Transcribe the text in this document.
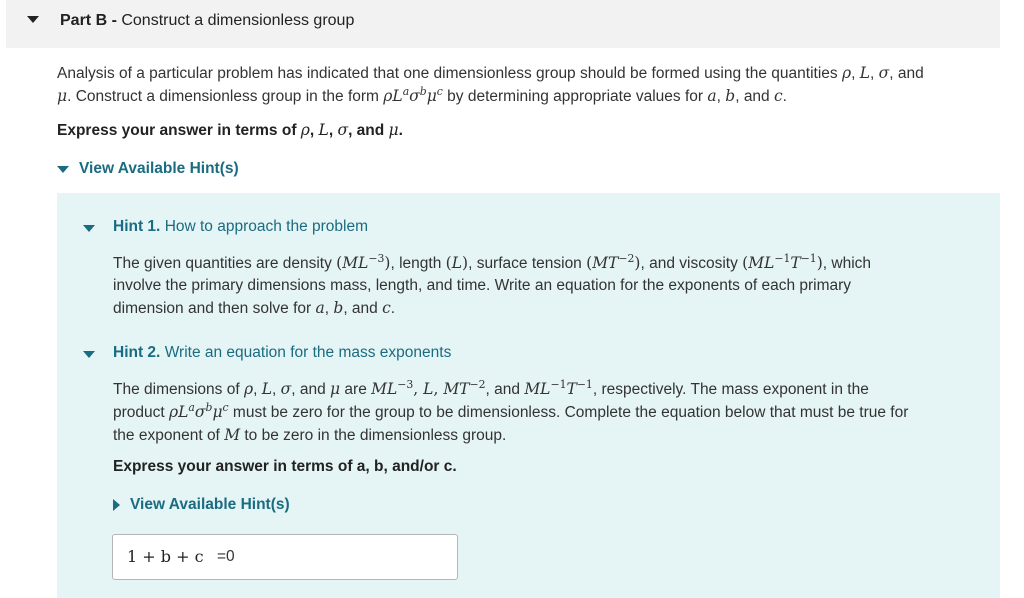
Part B - Construct a dimensionless group
Analysis of a particular problem has indicated that one dimensionless group should be formed using the quantities ρ, L, σ, and
μ. Construct a dimensionless group in the form $\rho L^a\sigma^b\mu^c$ by determining appropriate values for a, b, and c.
Express your answer in terms of ρ, L, σ, and μ.
View Available Hint(s)
Hint 1. How to approach the problem
The given quantities are density $(ML^{-3})$, length (L), surface tension $(MT^{-2})$, and viscosity $(ML^{-1}T^{-1})$, which
involve the primary dimensions mass, length, and time. Write an equation for the exponents of each primary
dimension and then solve for a, b, and c.
Hint 2. Write an equation for the mass exponents
The dimensions of ρ, L, σ, and μ are $ML^{-3}$, L, $MT^{-2}$, and $ML^{-1}T^{-1}$, respectively. The mass exponent in the
product $\rho L^a\sigma^b\mu^c$ must be zero for the group to be dimensionless. Complete the equation below that must be true for
the exponent of M to be zero in the dimensionless group.
Express your answer in terms of a, b, and/or c.
View Available Hint(s)
1 + b + c =0
